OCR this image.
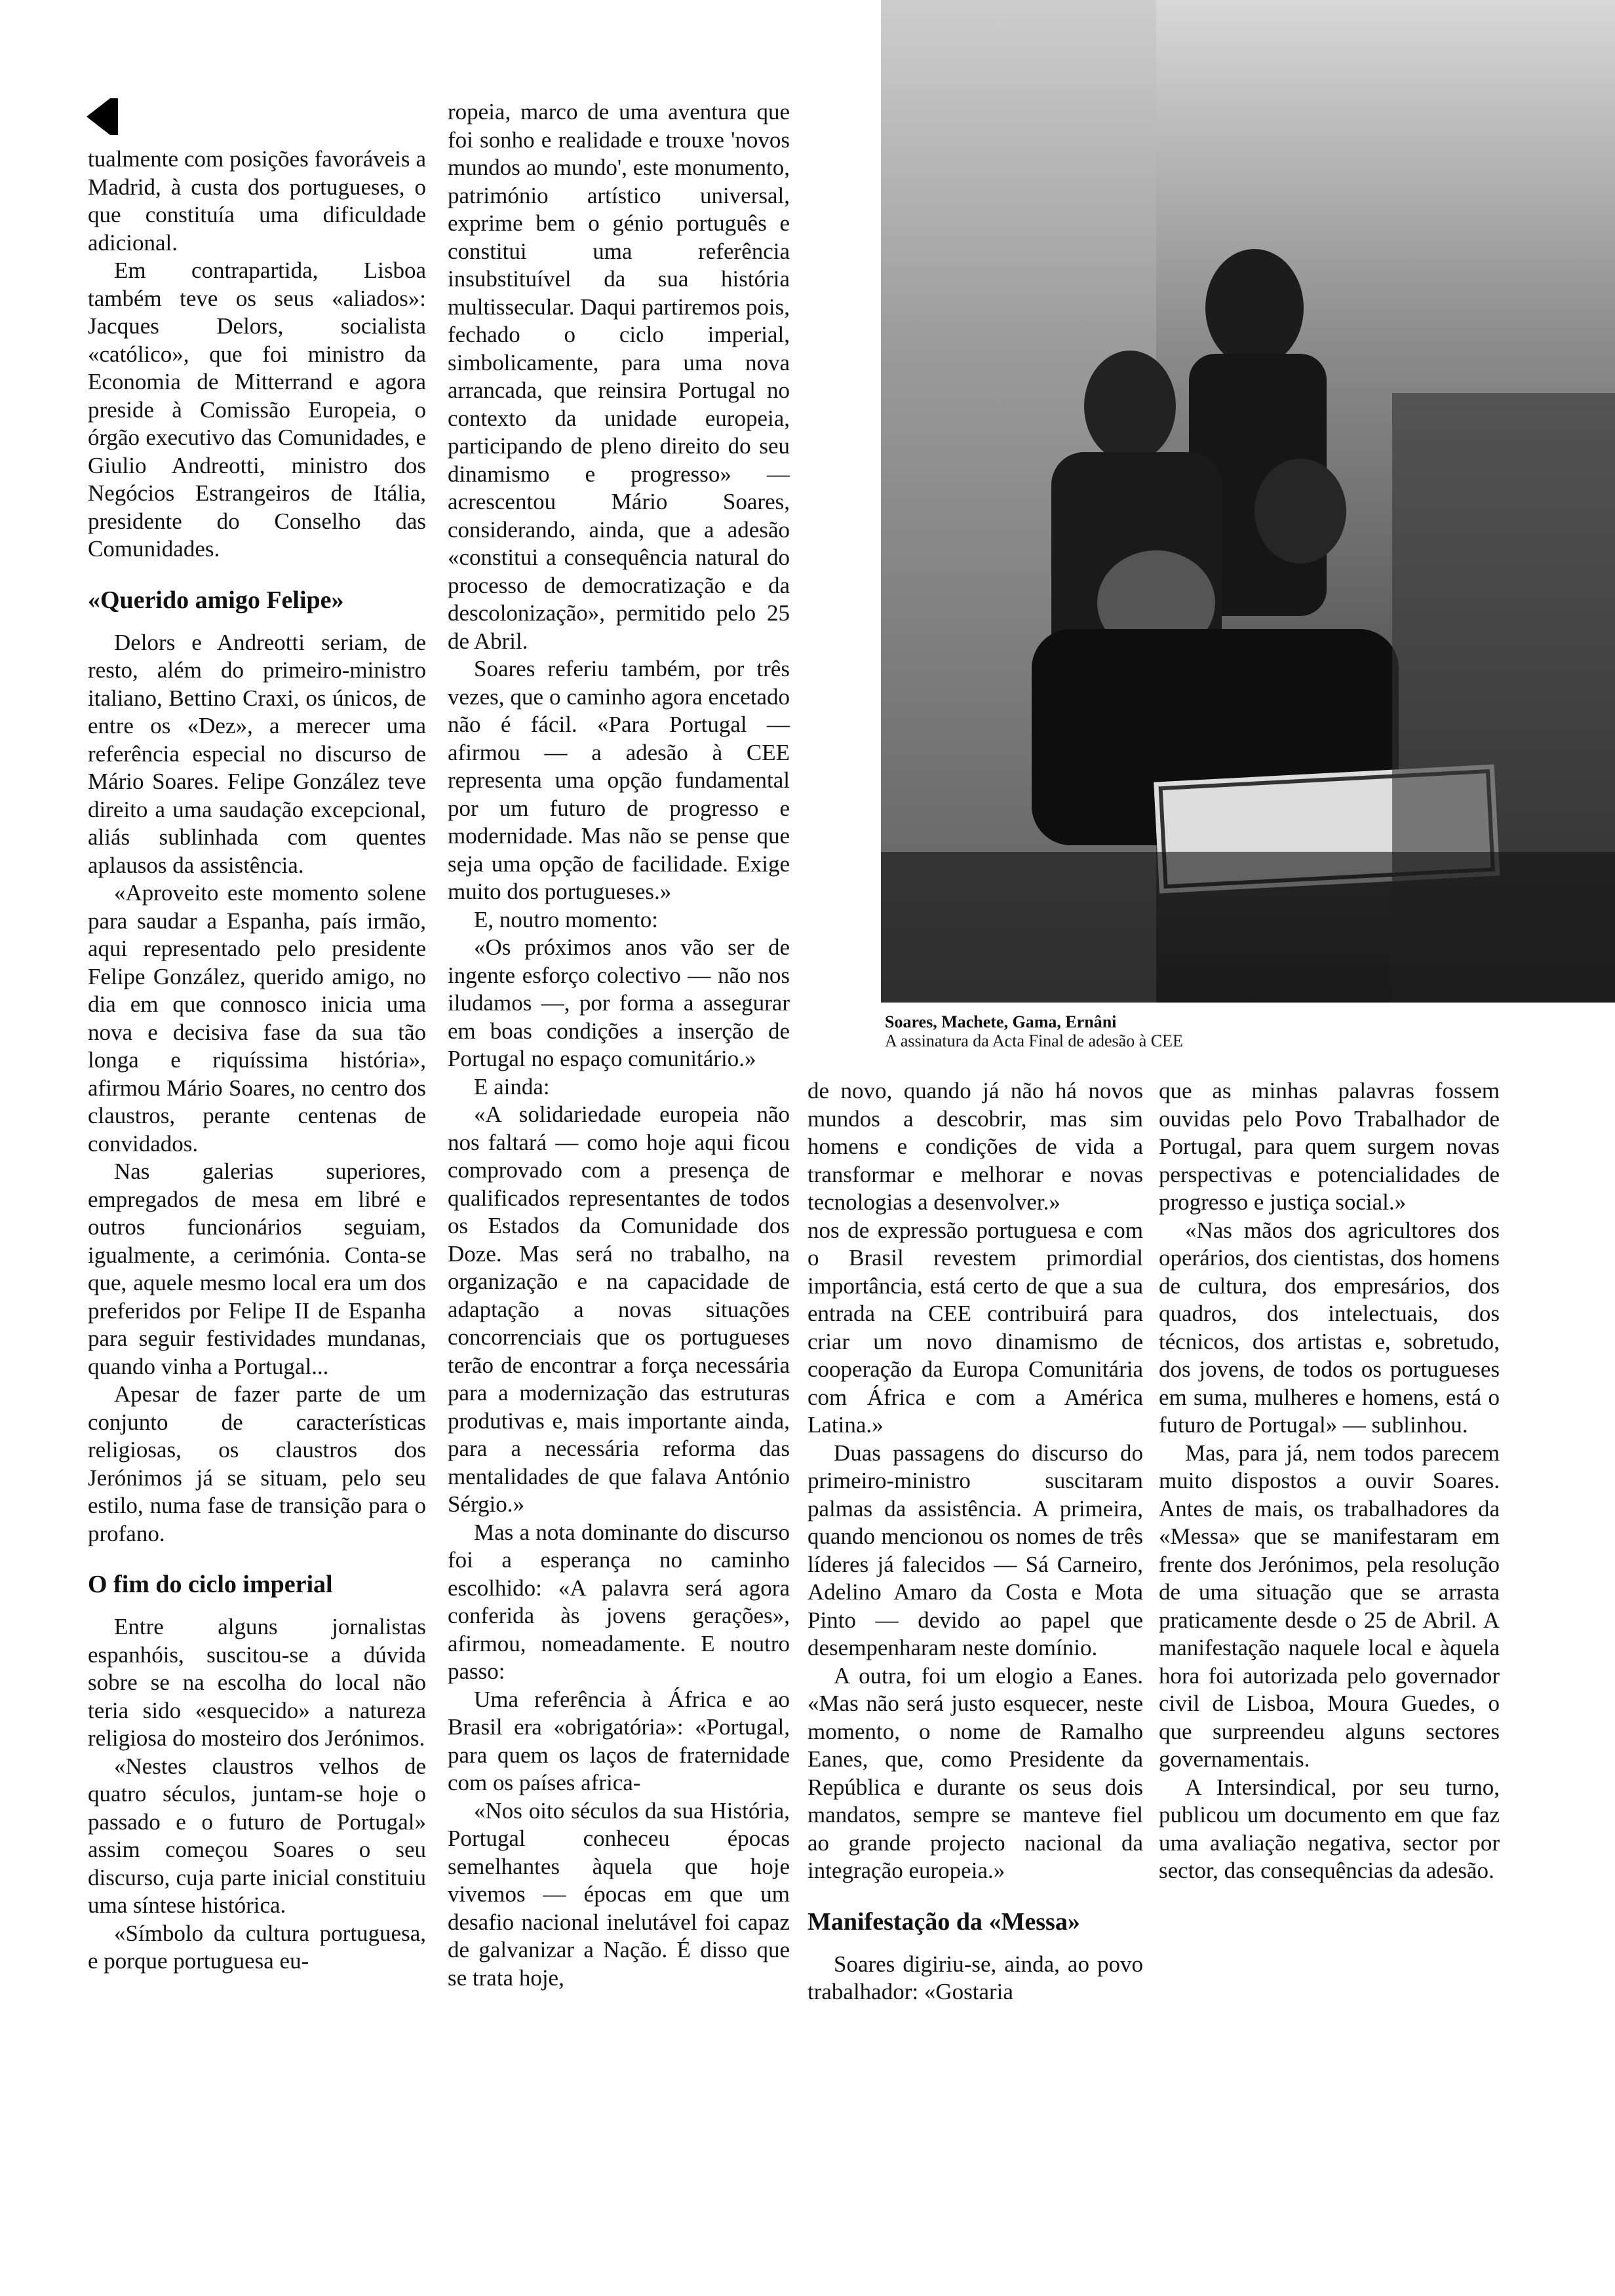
tualmente com posições favoráveis a Madrid, à custa dos portugueses, o que constituía uma dificuldade adicional.

Em contrapartida, Lisboa também teve os seus «aliados»: Jacques Delors, socialista «católico», que foi ministro da Economia de Mitterrand e agora preside à Comissão Europeia, o órgão executivo das Comunidades, e Giulio Andreotti, ministro dos Negócios Estrangeiros de Itália, presidente do Conselho das Comunidades.

«Querido amigo Felipe»

Delors e Andreotti seriam, de resto, além do primeiro-ministro italiano, Bettino Craxi, os únicos, de entre os «Dez», a merecer uma referência especial no discurso de Mário Soares. Felipe González teve direito a uma saudação excepcional, aliás sublinhada com quentes aplausos da assistência.

«Aproveito este momento solene para saudar a Espanha, país irmão, aqui representado pelo presidente Felipe González, querido amigo, no dia em que connosco inicia uma nova e decisiva fase da sua tão longa e riquíssima história», afirmou Mário Soares, no centro dos claustros, perante centenas de convidados.

Nas galerias superiores, empregados de mesa em libré e outros funcionários seguiam, igualmente, a cerimónia. Conta-se que, aquele mesmo local era um dos preferidos por Felipe II de Espanha para seguir festividades mundanas, quando vinha a Portugal...

Apesar de fazer parte de um conjunto de características religiosas, os claustros dos Jerónimos já se situam, pelo seu estilo, numa fase de transição para o profano.

O fim do ciclo imperial

Entre alguns jornalistas espanhóis, suscitou-se a dúvida sobre se na escolha do local não teria sido «esquecido» a natureza religiosa do mosteiro dos Jerónimos.

«Nestes claustros velhos de quatro séculos, juntam-se hoje o passado e o futuro de Portugal» assim começou Soares o seu discurso, cuja parte inicial constituiu uma síntese histórica.

«Símbolo da cultura portuguesa, e porque portuguesa eu-

ropeia, marco de uma aventura que foi sonho e realidade e trouxe 'novos mundos ao mundo', este monumento, património artístico universal, exprime bem o génio português e constitui uma referência insubstituível da sua história multissecular. Daqui partiremos pois, fechado o ciclo imperial, simbolicamente, para uma nova arrancada, que reinsira Portugal no contexto da unidade europeia, participando de pleno direito do seu dinamismo e progresso» — acrescentou Mário Soares, considerando, ainda, que a adesão «constitui a consequência natural do processo de democratização e da descolonização», permitido pelo 25 de Abril.

Soares referiu também, por três vezes, que o caminho agora encetado não é fácil. «Para Portugal — afirmou — a adesão à CEE representa uma opção fundamental por um futuro de progresso e modernidade. Mas não se pense que seja uma opção de facilidade. Exige muito dos portugueses.»

E, noutro momento:

«Os próximos anos vão ser de ingente esforço colectivo — não nos iludamos —, por forma a assegurar em boas condições a inserção de Portugal no espaço comunitário.»

E ainda:

«A solidariedade europeia não nos faltará — como hoje aqui ficou comprovado com a presença de qualificados representantes de todos os Estados da Comunidade dos Doze. Mas será no trabalho, na organização e na capacidade de adaptação a novas situações concorrenciais que os portugueses terão de encontrar a força necessária para a modernização das estruturas produtivas e, mais importante ainda, para a necessária reforma das mentalidades de que falava António Sérgio.»

Mas a nota dominante do discurso foi a esperança no caminho escolhido: «A palavra será agora conferida às jovens gerações», afirmou, nomeadamente. E noutro passo:

Uma referência à África e ao Brasil era «obrigatória»: «Portugal, para quem os laços de fraternidade com os países africa-

«Nos oito séculos da sua História, Portugal conheceu épocas semelhantes àquela que hoje vivemos — épocas em que um desafio nacional inelutável foi capaz de galvanizar a Nação. É disso que se trata hoje,

de novo, quando já não há novos mundos a descobrir, mas sim homens e condições de vida a transformar e melhorar e novas tecnologias a desenvolver.»

nos de expressão portuguesa e com o Brasil revestem primordial importância, está certo de que a sua entrada na CEE contribuirá para criar um novo dinamismo de cooperação da Europa Comunitária com África e com a América Latina.»

Duas passagens do discurso do primeiro-ministro suscitaram palmas da assistência. A primeira, quando mencionou os nomes de três líderes já falecidos — Sá Carneiro, Adelino Amaro da Costa e Mota Pinto — devido ao papel que desempenharam neste domínio.

A outra, foi um elogio a Eanes. «Mas não será justo esquecer, neste momento, o nome de Ramalho Eanes, que, como Presidente da República e durante os seus dois mandatos, sempre se manteve fiel ao grande projecto nacional da integração europeia.»

Manifestação da «Messa»

Soares digiriu-se, ainda, ao povo trabalhador: «Gostaria

que as minhas palavras fossem ouvidas pelo Povo Trabalhador de Portugal, para quem surgem novas perspectivas e potencialidades de progresso e justiça social.»

«Nas mãos dos agricultores dos operários, dos cientistas, dos homens de cultura, dos empresários, dos quadros, dos intelectuais, dos técnicos, dos artistas e, sobretudo, dos jovens, de todos os portugueses em suma, mulheres e homens, está o futuro de Portugal» — sublinhou.

Mas, para já, nem todos parecem muito dispostos a ouvir Soares. Antes de mais, os trabalhadores da «Messa» que se manifestaram em frente dos Jerónimos, pela resolução de uma situação que se arrasta praticamente desde o 25 de Abril. A manifestação naquele local e àquela hora foi autorizada pelo governador civil de Lisboa, Moura Guedes, o que surpreendeu alguns sectores governamentais.

A Intersindical, por seu turno, publicou um documento em que faz uma avaliação negativa, sector por sector, das consequências da adesão.

Soares, Machete, Gama, Ernâni
A assinatura da Acta Final de adesão à CEE
